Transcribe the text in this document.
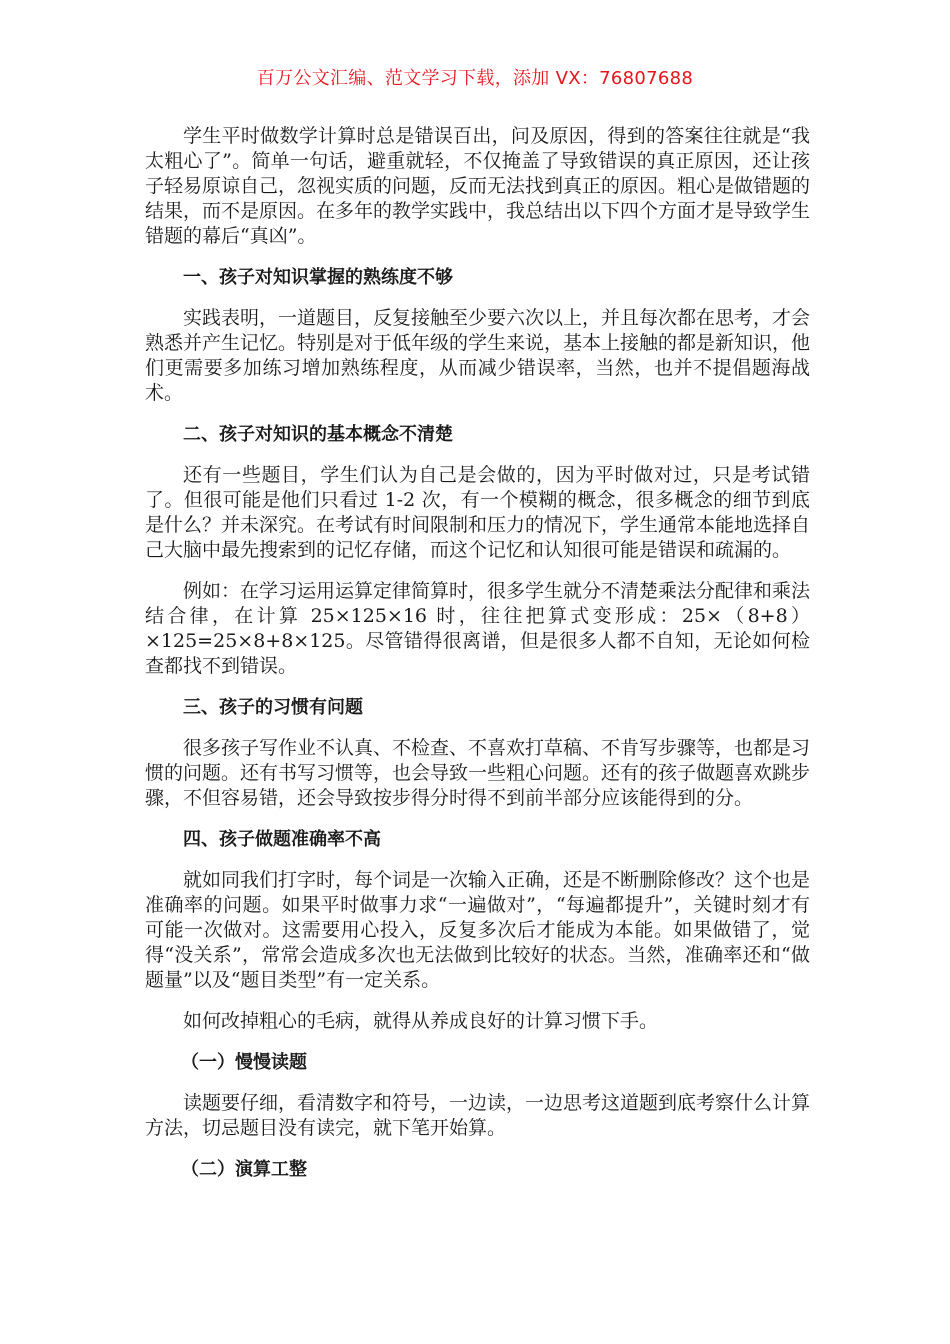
百万公文汇编、范文学习下载，添加 VX：76807688

学生平时做数学计算时总是错误百出，问及原因，得到的答案往往就是“我太粗心了”。简单一句话，避重就轻，不仅掩盖了导致错误的真正原因，还让孩子轻易原谅自己，忽视实质的问题，反而无法找到真正的原因。粗心是做错题的结果，而不是原因。在多年的教学实践中，我总结出以下四个方面才是导致学生错题的幕后“真凶”。

一、孩子对知识掌握的熟练度不够

实践表明，一道题目，反复接触至少要六次以上，并且每次都在思考，才会熟悉并产生记忆。特别是对于低年级的学生来说，基本上接触的都是新知识，他们更需要多加练习增加熟练程度，从而减少错误率，当然，也并不提倡题海战术。

二、孩子对知识的基本概念不清楚

还有一些题目，学生们认为自己是会做的，因为平时做对过，只是考试错了。但很可能是他们只看过 1-2 次，有一个模糊的概念，很多概念的细节到底是什么？并未深究。在考试有时间限制和压力的情况下，学生通常本能地选择自己大脑中最先搜索到的记忆存储，而这个记忆和认知很可能是错误和疏漏的。

例如：在学习运用运算定律简算时，很多学生就分不清楚乘法分配律和乘法结合律，在计算 25×125×16 时，往往把算式变形成：25×（8+8）×125=25×8+8×125。尽管错得很离谱，但是很多人都不自知，无论如何检查都找不到错误。

三、孩子的习惯有问题

很多孩子写作业不认真、不检查、不喜欢打草稿、不肯写步骤等，也都是习惯的问题。还有书写习惯等，也会导致一些粗心问题。还有的孩子做题喜欢跳步骤，不但容易错，还会导致按步得分时得不到前半部分应该能得到的分。

四、孩子做题准确率不高

就如同我们打字时，每个词是一次输入正确，还是不断删除修改？这个也是准确率的问题。如果平时做事力求“一遍做对”，“每遍都提升”，关键时刻才有可能一次做对。这需要用心投入，反复多次后才能成为本能。如果做错了，觉得“没关系”，常常会造成多次也无法做到比较好的状态。当然，准确率还和“做题量”以及“题目类型”有一定关系。

如何改掉粗心的毛病，就得从养成良好的计算习惯下手。

（一）慢慢读题

读题要仔细，看清数字和符号，一边读，一边思考这道题到底考察什么计算方法，切忌题目没有读完，就下笔开始算。

（二）演算工整
